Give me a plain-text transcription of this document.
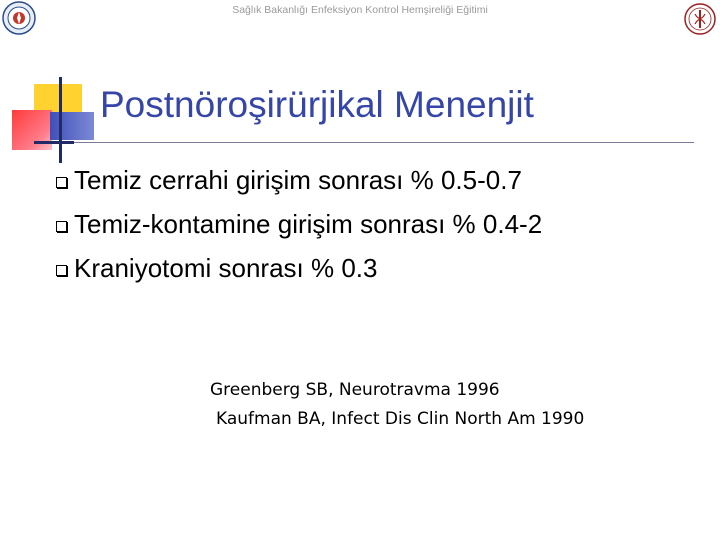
Sağlık Bakanlığı Enfeksiyon Kontrol Hemşireliği Eğitimi
Postnöroşirürjikal Menenjit
Temiz cerrahi girişim sonrası % 0.5-0.7
Temiz-kontamine girişim sonrası % 0.4-2
Kraniyotomi sonrası % 0.3
Greenberg SB, Neurotravma 1996
Kaufman BA, Infect Dis Clin North Am 1990
